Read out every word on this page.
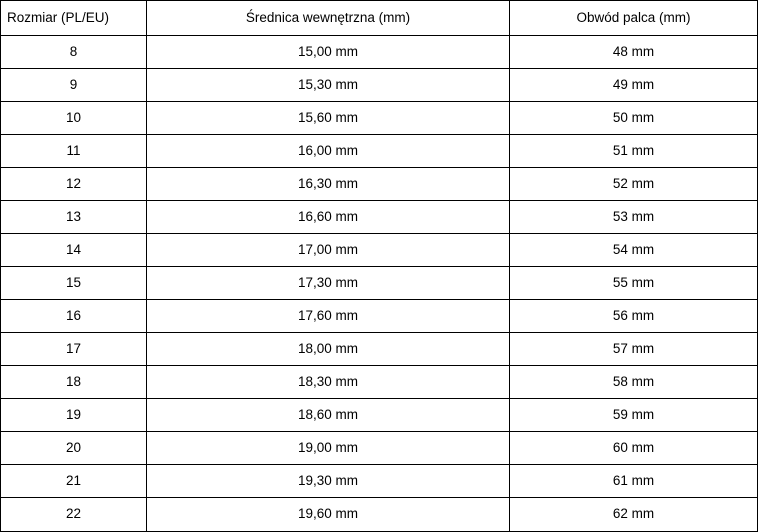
Rozmiar (PL/EU)	Średnica wewnętrzna (mm)	Obwód palca (mm)
8	15,00 mm	48 mm
9	15,30 mm	49 mm
10	15,60 mm	50 mm
11	16,00 mm	51 mm
12	16,30 mm	52 mm
13	16,60 mm	53 mm
14	17,00 mm	54 mm
15	17,30 mm	55 mm
16	17,60 mm	56 mm
17	18,00 mm	57 mm
18	18,30 mm	58 mm
19	18,60 mm	59 mm
20	19,00 mm	60 mm
21	19,30 mm	61 mm
22	19,60 mm	62 mm
